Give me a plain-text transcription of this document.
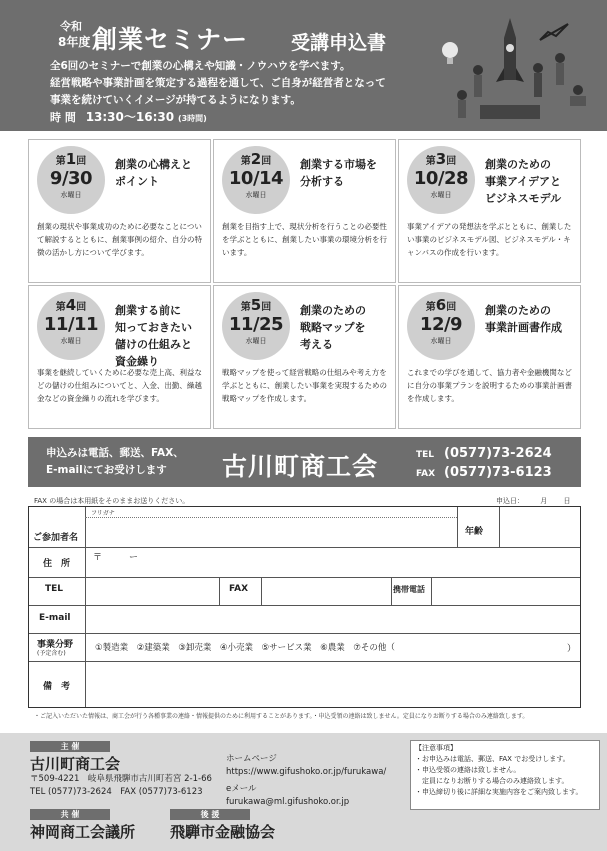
令和
8年度 創業セミナー 受講申込書
全6回のセミナーで創業の心構えや知識・ノウハウを学べます。
経営戦略や事業計画を策定する過程を通して、ご自身が経営者となって
事業を続けていくイメージが持てるようになります。
時 間 13:30〜16:30 (3時間)
第1回
9/30
水曜日
創業の心構えと
ポイント
創業の現状や事業成功のために必要なことについて解説するとともに、創業事例の紹介、自分の特徴の活かし方について学びます。
第2回
10/14
水曜日
創業する市場を
分析する
創業を目指す上で、現状分析を行うことの必要性を学ぶとともに、創業したい事業の環境分析を行います。
第3回
10/28
水曜日
創業のための
事業アイデアと
ビジネスモデル
事業アイデアの発想法を学ぶとともに、創業したい事業のビジネスモデル図、ビジネスモデル・キャンバスの作成を行います。
第4回
11/11
水曜日
創業する前に
知っておきたい
儲けの仕組みと
資金繰り
事業を継続していくために必要な売上高、利益などの儲けの仕組みについてと、入金、出勤、繰越金などの資金繰りの流れを学びます。
第5回
11/25
水曜日
創業のための
戦略マップを
考える
戦略マップを使って経営戦略の仕組みや考え方を学ぶとともに、創業したい事業を実現するための戦略マップを作成します。
第6回
12/9
水曜日
創業のための
事業計画書作成
これまでの学びを通して、協力者や金融機関などに自分の事業プランを説明するための事業計画書を作成します。
申込みは電話、郵送、FAX、
E-mailにてお受けします	古川町商工会	TEL (0577)73-2624
FAX (0577)73-6123
FAX の場合は本用紙をそのままお送りください。	申込日： 月 日
フリガナ
ご参加者名
年齢
住　所
〒　　　ー
TEL	FAX	携帯電話
E-mail
事業分野
(予定含む)
①製造業　②建築業　③卸売業　④小売業　⑤サービス業　⑥農業　⑦その他（	）
備　考
・ご記入いただいた情報は、商工会が行う各種事業の連絡・情報提供のために利用することがあります。・申込受領の連絡は致しません。定員になりお断りする場合のみ連絡致します。
主 催
古川町商工会
〒509-4221　岐阜県飛騨市古川町若宮 2-1-66
TEL (0577)73-2624　FAX (0577)73-6123
ホームページ
https://www.gifushoko.or.jp/furukawa/
eメール
furukawa@ml.gifushoko.or.jp
共 催
神岡商工会議所
後 援
飛騨市金融協会
【注意事項】
・お申込みは電話、郵送、FAX でお受けします。
・申込受領の連絡は致しません。
　定員になりお断りする場合のみ連絡致します。
・申込締切り後に詳細な実施内容をご案内致します。
